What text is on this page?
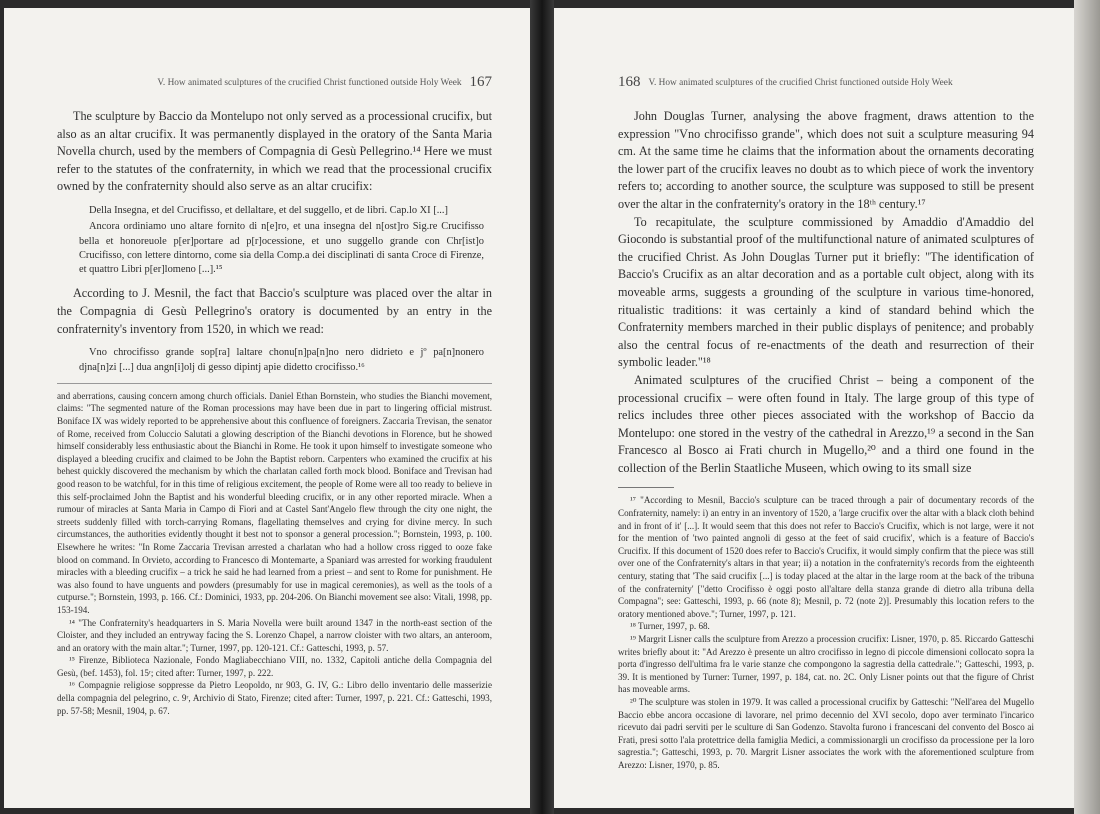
V. How animated sculptures of the crucified Christ functioned outside Holy Week 167

The sculpture by Baccio da Montelupo not only served as a processional crucifix, but also as an altar crucifix. It was permanently displayed in the oratory of the Santa Maria Novella church, used by the members of Compagnia di Gesù Pellegrino.¹⁴ Here we must refer to the statutes of the confraternity, in which we read that the processional crucifix owned by the confraternity should also serve as an altar crucifix:

Della Insegna, et del Crucifisso, et dellaltare, et del suggello, et de libri. Cap.lo XI [...]

Ancora ordiniamo uno altare fornito di n[e]ro, et una insegna del n[ost]ro Sig.re Crucifisso bella et honoreuole p[er]portare ad p[r]ocessione, et uno suggello grande con Chr[ist]o Crucifisso, con lettere dintorno, come sia della Comp.a dei disciplinati di santa Croce di Firenze, et quattro Libri p[er]lomeno [...].¹⁵

According to J. Mesnil, the fact that Baccio's sculpture was placed over the altar in the Compagnia di Gesù Pellegrino's oratory is documented by an entry in the confraternity's inventory from 1520, in which we read:

Vno chrocifisso grande sop[ra] laltare chonu[n]pa[n]no nero didrieto e jº pa[n]nonero djna[n]zi [...] dua angn[i]olj di gesso dipintj apie didetto crocifisso.¹⁶

and aberrations, causing concern among church officials. Daniel Ethan Bornstein, who studies the Bianchi movement, claims: "The segmented nature of the Roman processions may have been due in part to lingering official mistrust. Boniface IX was widely reported to be apprehensive about this confluence of foreigners. Zaccaria Trevisan, the senator of Rome, received from Coluccio Salutati a glowing description of the Bianchi devotions in Florence, but he showed himself considerably less enthusiastic about the Bianchi in Rome. He took it upon himself to investigate someone who displayed a bleeding crucifix and claimed to be John the Baptist reborn. Carpenters who examined the crucifix at his behest quickly discovered the mechanism by which the charlatan called forth mock blood. Boniface and Trevisan had good reason to be watchful, for in this time of religious excitement, the people of Rome were all too ready to believe in this self-proclaimed John the Baptist and his wonderful bleeding crucifix, or in any other reported miracle. When a rumour of miracles at Santa Maria in Campo di Fiori and at Castel Sant'Angelo flew through the city one night, the streets suddenly filled with torch-carrying Romans, flagellating themselves and crying for divine mercy. In such circumstances, the authorities evidently thought it best not to sponsor a general procession."; Bornstein, 1993, p. 100. Elsewhere he writes: "In Rome Zaccaria Trevisan arrested a charlatan who had a hollow cross rigged to ooze fake blood on command. In Orvieto, according to Francesco di Montemarte, a Spaniard was arrested for working fraudulent miracles with a bleeding crucifix – a trick he said he had learned from a priest – and sent to Rome for punishment. He was also found to have unguents and powders (presumably for use in magical ceremonies), as well as the tools of a cutpurse."; Bornstein, 1993, p. 166. Cf.: Dominici, 1933, pp. 204-206. On Bianchi movement see also: Vitali, 1998, pp. 153-194.

¹⁴ "The Confraternity's headquarters in S. Maria Novella were built around 1347 in the north-east section of the Cloister, and they included an entryway facing the S. Lorenzo Chapel, a narrow cloister with two altars, an anteroom, and an oratory with the main altar."; Turner, 1997, pp. 120-121. Cf.: Gatteschi, 1993, p. 57.

¹⁵ Firenze, Biblioteca Nazionale, Fondo Magliabecchiano VIII, no. 1332, Capitoli antiche della Compagnia del Gesù, (bef. 1453), fol. 15ʳ; cited after: Turner, 1997, p. 222.

¹⁶ Compagnie religiose soppresse da Pietro Leopoldo, nr 903, G. IV, G.: Libro dello inventario delle masserizie della compagnia del pelegrino, c. 9ʳ, Archivio di Stato, Firenze; cited after: Turner, 1997, p. 221. Cf.: Gatteschi, 1993, pp. 57-58; Mesnil, 1904, p. 67.

168 V. How animated sculptures of the crucified Christ functioned outside Holy Week

John Douglas Turner, analysing the above fragment, draws attention to the expression "Vno chrocifisso grande", which does not suit a sculpture measuring 94 cm. At the same time he claims that the information about the ornaments decorating the lower part of the crucifix leaves no doubt as to which piece of work the inventory refers to; according to another source, the sculpture was supposed to still be present over the altar in the confraternity's oratory in the 18ᵗʰ century.¹⁷

To recapitulate, the sculpture commissioned by Amaddio d'Amaddio del Giocondo is substantial proof of the multifunctional nature of animated sculptures of the crucified Christ. As John Douglas Turner put it briefly: "The identification of Baccio's Crucifix as an altar decoration and as a portable cult object, along with its moveable arms, suggests a grounding of the sculpture in various time-honored, ritualistic traditions: it was certainly a kind of standard behind which the Confraternity members marched in their public displays of penitence; and probably also the central focus of re-enactments of the death and resurrection of their symbolic leader."¹⁸

Animated sculptures of the crucified Christ – being a component of the processional crucifix – were often found in Italy. The large group of this type of relics includes three other pieces associated with the workshop of Baccio da Montelupo: one stored in the vestry of the cathedral in Arezzo,¹⁹ a second in the San Francesco al Bosco ai Frati church in Mugello,²⁰ and a third one found in the collection of the Berlin Staatliche Museen, which owing to its small size

¹⁷ "According to Mesnil, Baccio's sculpture can be traced through a pair of documentary records of the Confraternity, namely: i) an entry in an inventory of 1520, a 'large crucifix over the altar with a black cloth behind and in front of it' [...]. It would seem that this does not refer to Baccio's Crucifix, which is not large, were it not for the mention of 'two painted angnoli di gesso at the feet of said crucifix', which is a feature of Baccio's Crucifix. If this document of 1520 does refer to Baccio's Crucifix, it would simply confirm that the piece was still over one of the Confraternity's altars in that year; ii) a notation in the confraternity's records from the eighteenth century, stating that 'The said crucifix [...] is today placed at the altar in the large room at the back of the tribuna of the confraternity' ["detto Crocifisso è oggi posto all'altare della stanza grande di dietro alla tribuna della Compagna"; see: Gatteschi, 1993, p. 66 (note 8); Mesnil, p. 72 (note 2)]. Presumably this location refers to the oratory mentioned above."; Turner, 1997, p. 121.

¹⁸ Turner, 1997, p. 68.

¹⁹ Margrit Lisner calls the sculpture from Arezzo a procession crucifix: Lisner, 1970, p. 85. Riccardo Gatteschi writes briefly about it: "Ad Arezzo è presente un altro crocifisso in legno di piccole dimensioni collocato sopra la porta d'ingresso dell'ultima fra le varie stanze che compongono la sagrestia della cattedrale."; Gatteschi, 1993, p. 39. It is mentioned by Turner: Turner, 1997, p. 184, cat. no. 2C. Only Lisner points out that the figure of Christ has moveable arms.

²⁰ The sculpture was stolen in 1979. It was called a processional crucifix by Gatteschi: "Nell'area del Mugello Baccio ebbe ancora occasione di lavorare, nel primo decennio del XVI secolo, dopo aver terminato l'incarico ricevuto dai padri serviti per le sculture di San Godenzo. Stavolta furono i francescani del convento del Bosco ai Frati, presi sotto l'ala protettrice della famiglia Medici, a commissionargli un crocifisso da processione per la loro sagrestia."; Gatteschi, 1993, p. 70. Margrit Lisner associates the work with the aforementioned sculpture from Arezzo: Lisner, 1970, p. 85.
